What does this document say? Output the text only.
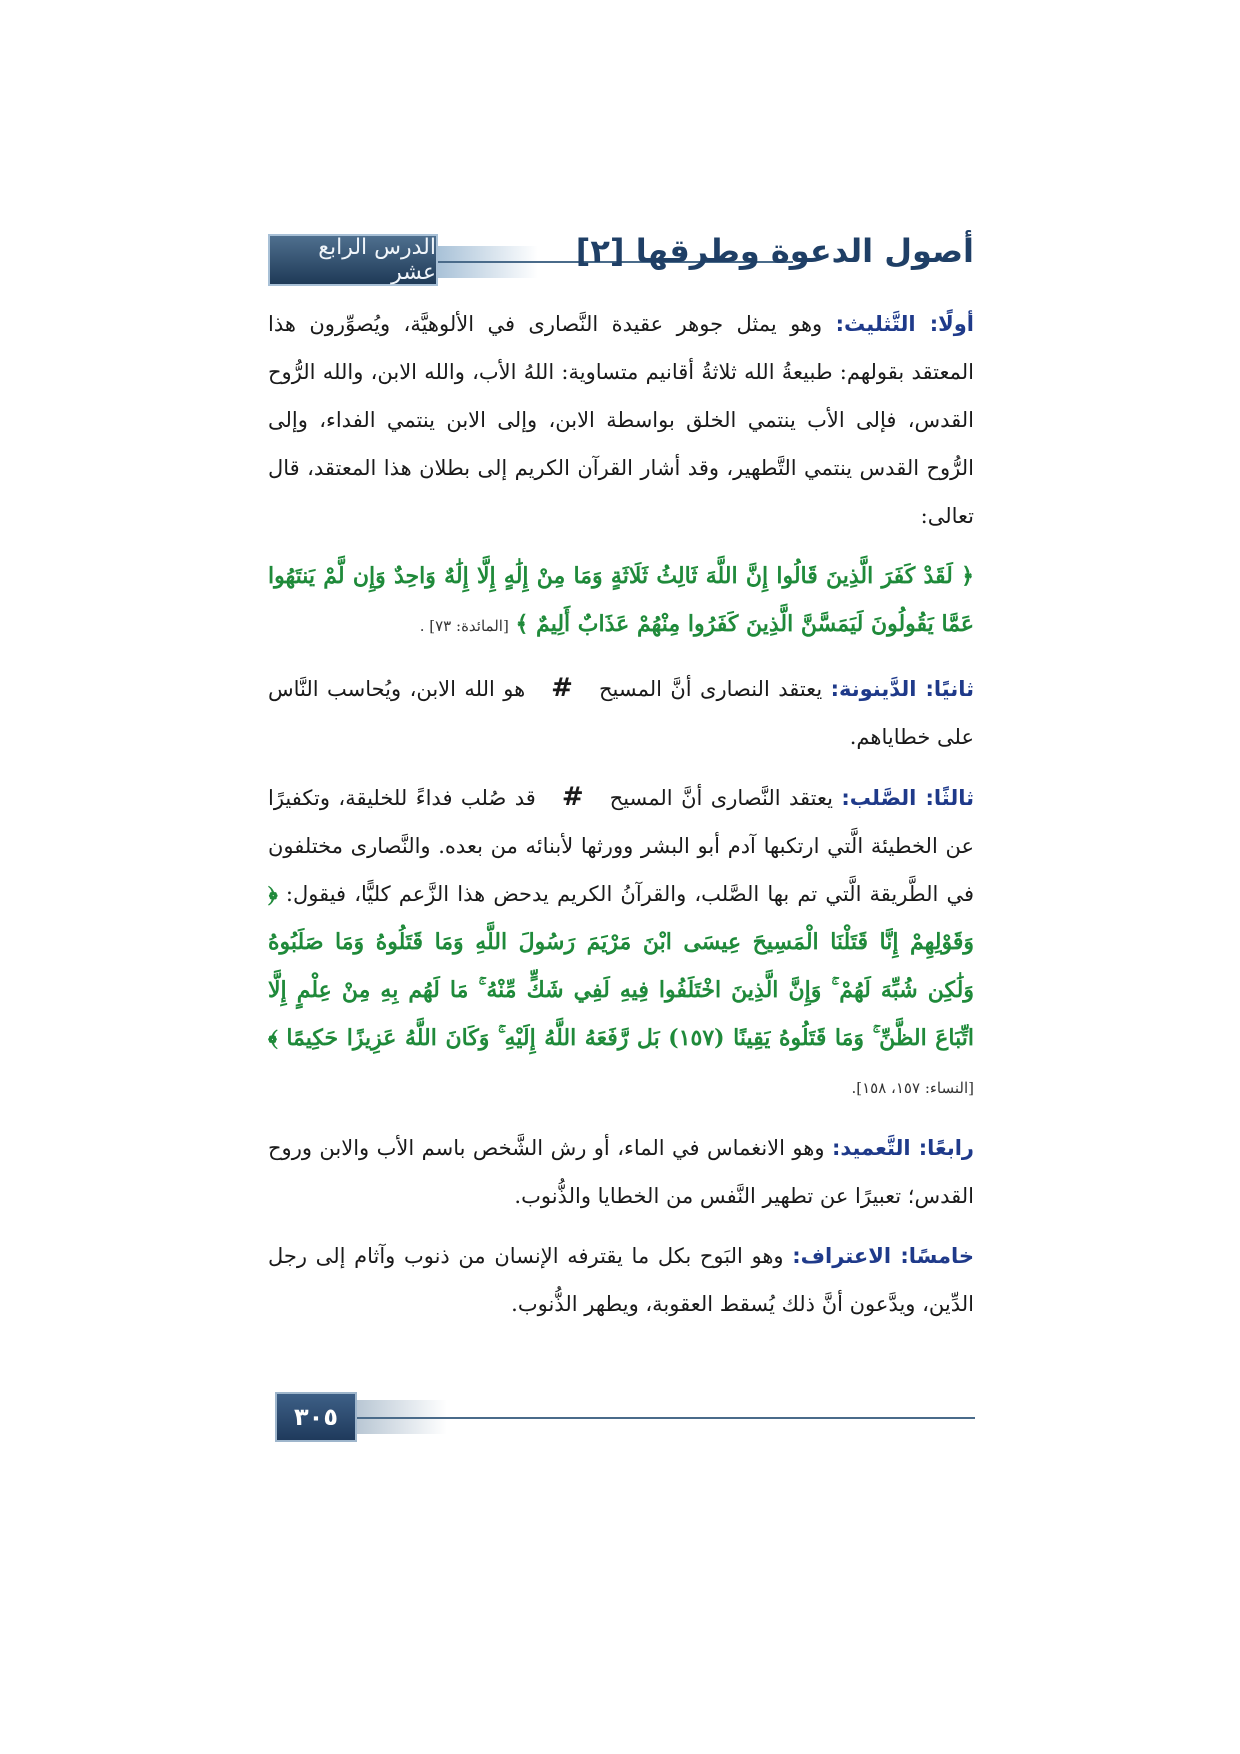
الدرس الرابع عشر
أصول الدعوة وطرقها [٢]

أولًا: التَّثليث: وهو يمثل جوهر عقيدة النَّصارى في الألوهيَّة، ويُصوِّرون هذا المعتقد بقولهم: طبيعةُ الله ثلاثةُ أقانيم متساوية: اللهُ الأب، والله الابن، والله الرُّوح القدس، فإلى الأب ينتمي الخلق بواسطة الابن، وإلى الابن ينتمي الفداء، وإلى الرُّوح القدس ينتمي التَّطهير، وقد أشار القرآن الكريم إلى بطلان هذا المعتقد، قال تعالى:

﴿ لَقَدْ كَفَرَ الَّذِينَ قَالُوا إِنَّ اللَّهَ ثَالِثُ ثَلَاثَةٍ وَمَا مِنْ إِلَٰهٍ إِلَّا إِلَٰهٌ وَاحِدٌ وَإِن لَّمْ يَنتَهُوا عَمَّا يَقُولُونَ لَيَمَسَّنَّ الَّذِينَ كَفَرُوا مِنْهُمْ عَذَابٌ أَلِيمٌ ﴾ [المائدة: ٧٣] .

ثانيًا: الدَّينونة: يعتقد النصارى أنَّ المسيح#هو الله الابن، ويُحاسب النَّاس على خطاياهم.

ثالثًا: الصَّلب: يعتقد النَّصارى أنَّ المسيح#قد صُلب فداءً للخليقة، وتكفيرًا عن الخطيئة الَّتي ارتكبها آدم أبو البشر وورثها لأبنائه من بعده. والنَّصارى مختلفون في الطَّريقة الَّتي تم بها الصَّلب، والقرآنُ الكريم يدحض هذا الزَّعم كليًّا، فيقول: ﴿ وَقَوْلِهِمْ إِنَّا قَتَلْنَا الْمَسِيحَ عِيسَى ابْنَ مَرْيَمَ رَسُولَ اللَّهِ وَمَا قَتَلُوهُ وَمَا صَلَبُوهُ وَلَٰكِن شُبِّهَ لَهُمْ ۚ وَإِنَّ الَّذِينَ اخْتَلَفُوا فِيهِ لَفِي شَكٍّ مِّنْهُ ۚ مَا لَهُم بِهِ مِنْ عِلْمٍ إِلَّا اتِّبَاعَ الظَّنِّ ۚ وَمَا قَتَلُوهُ يَقِينًا (١٥٧) بَل رَّفَعَهُ اللَّهُ إِلَيْهِ ۚ وَكَانَ اللَّهُ عَزِيزًا حَكِيمًا ﴾ [النساء: ١٥٧، ١٥٨].

رابعًا: التَّعميد: وهو الانغماس في الماء، أو رش الشَّخص باسم الأب والابن وروح القدس؛ تعبيرًا عن تطهير النَّفس من الخطايا والذُّنوب.

خامسًا: الاعتراف: وهو البَوح بكل ما يقترفه الإنسان من ذنوب وآثام إلى رجل الدِّين، ويدَّعون أنَّ ذلك يُسقط العقوبة، ويطهر الذُّنوب.

٣٠٥
